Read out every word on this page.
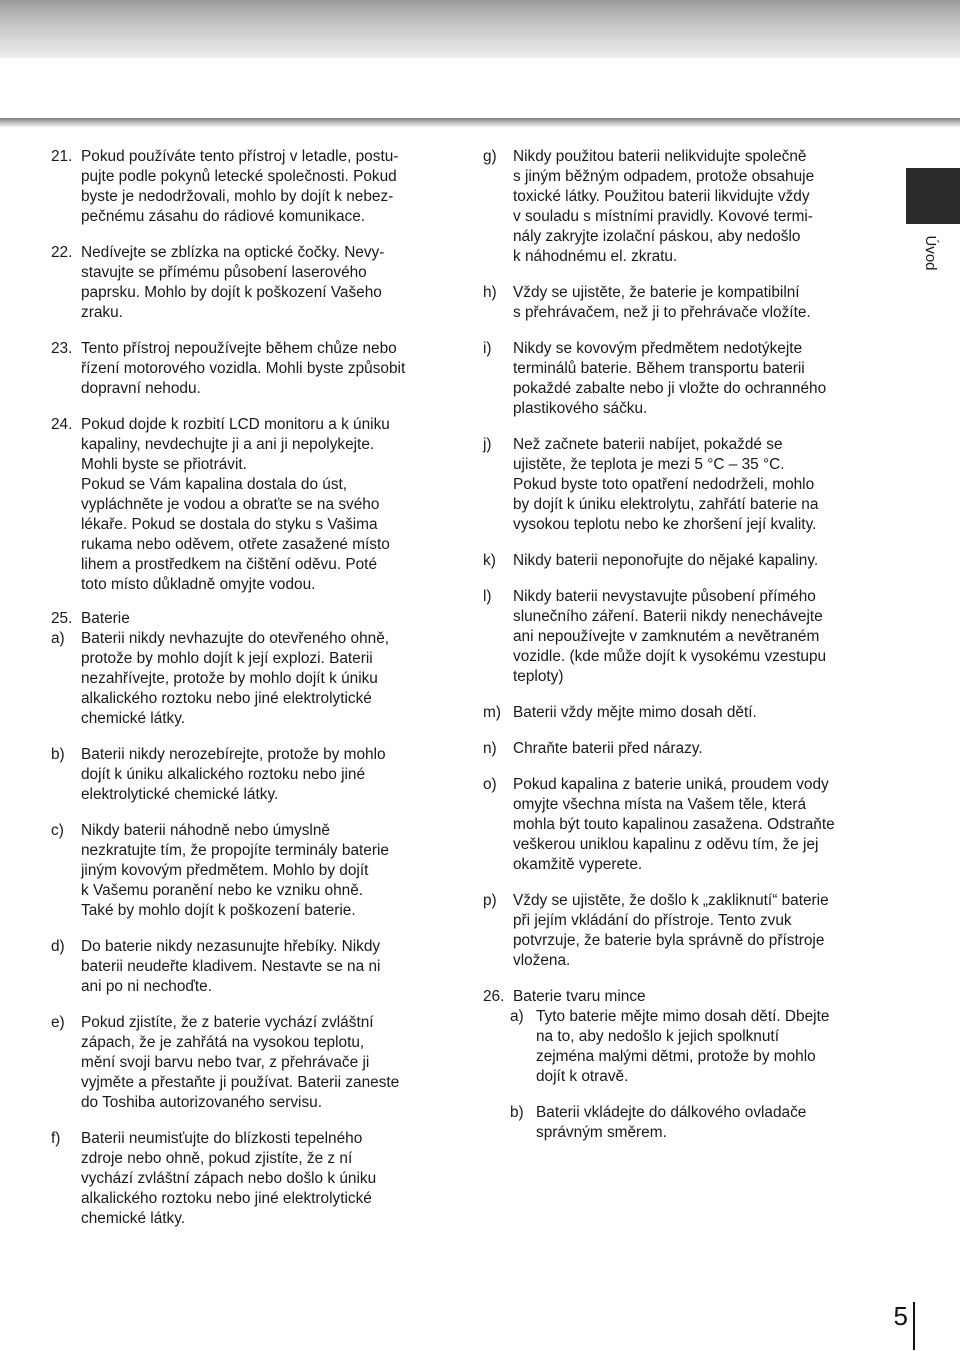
Úvod
21. Pokud používáte tento přístroj v letadle, postu-
pujte podle pokynů letecké společnosti. Pokud
byste je nedodržovali, mohlo by dojít k nebez-
pečnému zásahu do rádiové komunikace.
22. Nedívejte se zblízka na optické čočky. Nevy-
stavujte se přímému působení laserového
paprsku. Mohlo by dojít k poškození Vašeho
zraku.
23. Tento přístroj nepoužívejte během chůze nebo
řízení motorového vozidla. Mohli byste způsobit
dopravní nehodu.
24. Pokud dojde k rozbití LCD monitoru a k úniku
kapaliny, nevdechujte ji a ani ji nepolykejte.
Mohli byste se přiotrávit.
Pokud se Vám kapalina dostala do úst,
vypláchněte je vodou a obraťte se na svého
lékaře. Pokud se dostala do styku s Vašima
rukama nebo oděvem, otřete zasažené místo
lihem a prostředkem na čištění oděvu. Poté
toto místo důkladně omyjte vodou.
25. Baterie
a) Baterii nikdy nevhazujte do otevřeného ohně,
protože by mohlo dojít k její explozi. Baterii
nezahřívejte, protože by mohlo dojít k úniku
alkalického roztoku nebo jiné elektrolytické
chemické látky.
b) Baterii nikdy nerozebírejte, protože by mohlo
dojít k úniku alkalického roztoku nebo jiné
elektrolytické chemické látky.
c) Nikdy baterii náhodně nebo úmyslně
nezkratujte tím, že propojíte terminály baterie
jiným kovovým předmětem. Mohlo by dojít
k Vašemu poranění nebo ke vzniku ohně.
Také by mohlo dojít k poškození baterie.
d) Do baterie nikdy nezasunujte hřebíky. Nikdy
baterii neudeřte kladivem. Nestavte se na ni
ani po ni nechoďte.
e) Pokud zjistíte, že z baterie vychází zvláštní
zápach, že je zahřátá na vysokou teplotu,
mění svoji barvu nebo tvar, z přehrávače ji
vyjměte a přestaňte ji používat. Baterii zaneste
do Toshiba autorizovaného servisu.
f) Baterii neumisťujte do blízkosti tepelného
zdroje nebo ohně, pokud zjistíte, že z ní
vychází zvláštní zápach nebo došlo k úniku
alkalického roztoku nebo jiné elektrolytické
chemické látky.
g) Nikdy použitou baterii nelikvidujte společně
s jiným běžným odpadem, protože obsahuje
toxické látky. Použitou baterii likvidujte vždy
v souladu s místními pravidly. Kovové termi-
nály zakryjte izolační páskou, aby nedošlo
k náhodnému el. zkratu.
h) Vždy se ujistěte, že baterie je kompatibilní
s přehrávačem, než ji to přehrávače vložíte.
i) Nikdy se kovovým předmětem nedotýkejte
terminálů baterie. Během transportu baterii
pokaždé zabalte nebo ji vložte do ochranného
plastikového sáčku.
j) Než začnete baterii nabíjet, pokaždé se
ujistěte, že teplota je mezi 5 °C – 35 °C.
Pokud byste toto opatření nedodrželi, mohlo
by dojít k úniku elektrolytu, zahřátí baterie na
vysokou teplotu nebo ke zhoršení její kvality.
k) Nikdy baterii neponořujte do nějaké kapaliny.
l) Nikdy baterii nevystavujte působení přímého
slunečního záření. Baterii nikdy nenechávejte
ani nepoužívejte v zamknutém a nevětraném
vozidle. (kde může dojít k vysokému vzestupu
teploty)
m) Baterii vždy mějte mimo dosah dětí.
n) Chraňte baterii před nárazy.
o) Pokud kapalina z baterie uniká, proudem vody
omyjte všechna místa na Vašem těle, která
mohla být touto kapalinou zasažena. Odstraňte
veškerou uniklou kapalinu z oděvu tím, že jej
okamžitě vyperete.
p) Vždy se ujistěte, že došlo k „zakliknutí“ baterie
při jejím vkládání do přístroje. Tento zvuk
potvrzuje, že baterie byla správně do přístroje
vložena.
26. Baterie tvaru mince
a) Tyto baterie mějte mimo dosah dětí. Dbejte
na to, aby nedošlo k jejich spolknutí
zejména malými dětmi, protože by mohlo
dojít k otravě.
b) Baterii vkládejte do dálkového ovladače
správným směrem.
5
